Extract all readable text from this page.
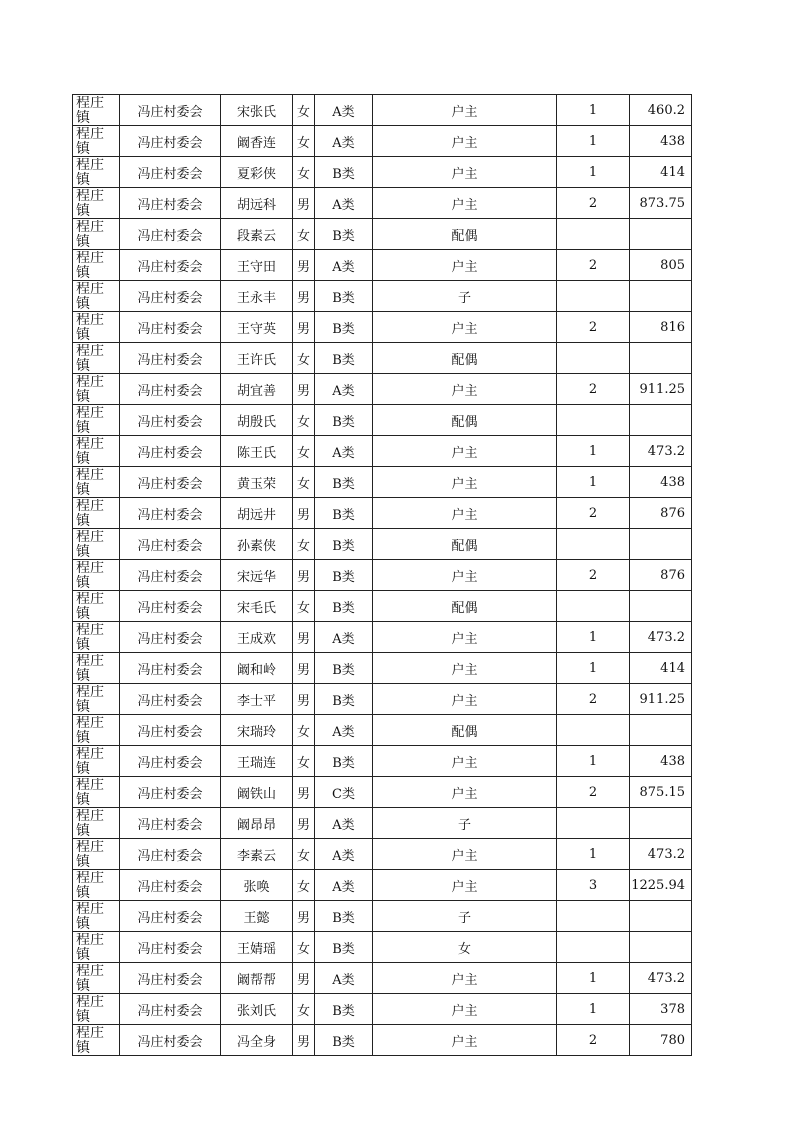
程庄镇	冯庄村委会	宋张氏	女	A类	户主	1	460.2

程庄镇	冯庄村委会	阚香连	女	A类	户主	1	438

程庄镇	冯庄村委会	夏彩侠	女	B类	户主	1	414

程庄镇	冯庄村委会	胡远科	男	A类	户主	2	873.75

程庄镇	冯庄村委会	段素云	女	B类	配偶		

程庄镇	冯庄村委会	王守田	男	A类	户主	2	805

程庄镇	冯庄村委会	王永丰	男	B类	子		

程庄镇	冯庄村委会	王守英	男	B类	户主	2	816

程庄镇	冯庄村委会	王许氏	女	B类	配偶		

程庄镇	冯庄村委会	胡宜善	男	A类	户主	2	911.25

程庄镇	冯庄村委会	胡殷氏	女	B类	配偶		

程庄镇	冯庄村委会	陈王氏	女	A类	户主	1	473.2

程庄镇	冯庄村委会	黄玉荣	女	B类	户主	1	438

程庄镇	冯庄村委会	胡远井	男	B类	户主	2	876

程庄镇	冯庄村委会	孙素侠	女	B类	配偶		

程庄镇	冯庄村委会	宋远华	男	B类	户主	2	876

程庄镇	冯庄村委会	宋毛氏	女	B类	配偶		

程庄镇	冯庄村委会	王成欢	男	A类	户主	1	473.2

程庄镇	冯庄村委会	阚和岭	男	B类	户主	1	414

程庄镇	冯庄村委会	李士平	男	B类	户主	2	911.25

程庄镇	冯庄村委会	宋瑞玲	女	A类	配偶		

程庄镇	冯庄村委会	王瑞连	女	B类	户主	1	438

程庄镇	冯庄村委会	阚铁山	男	C类	户主	2	875.15

程庄镇	冯庄村委会	阚昂昂	男	A类	子		

程庄镇	冯庄村委会	李素云	女	A类	户主	1	473.2

程庄镇	冯庄村委会	张唤	女	A类	户主	3	1225.94

程庄镇	冯庄村委会	王懿	男	B类	子		

程庄镇	冯庄村委会	王婧瑶	女	B类	女		

程庄镇	冯庄村委会	阚帮帮	男	A类	户主	1	473.2

程庄镇	冯庄村委会	张刘氏	女	B类	户主	1	378

程庄镇	冯庄村委会	冯全身	男	B类	户主	2	780
